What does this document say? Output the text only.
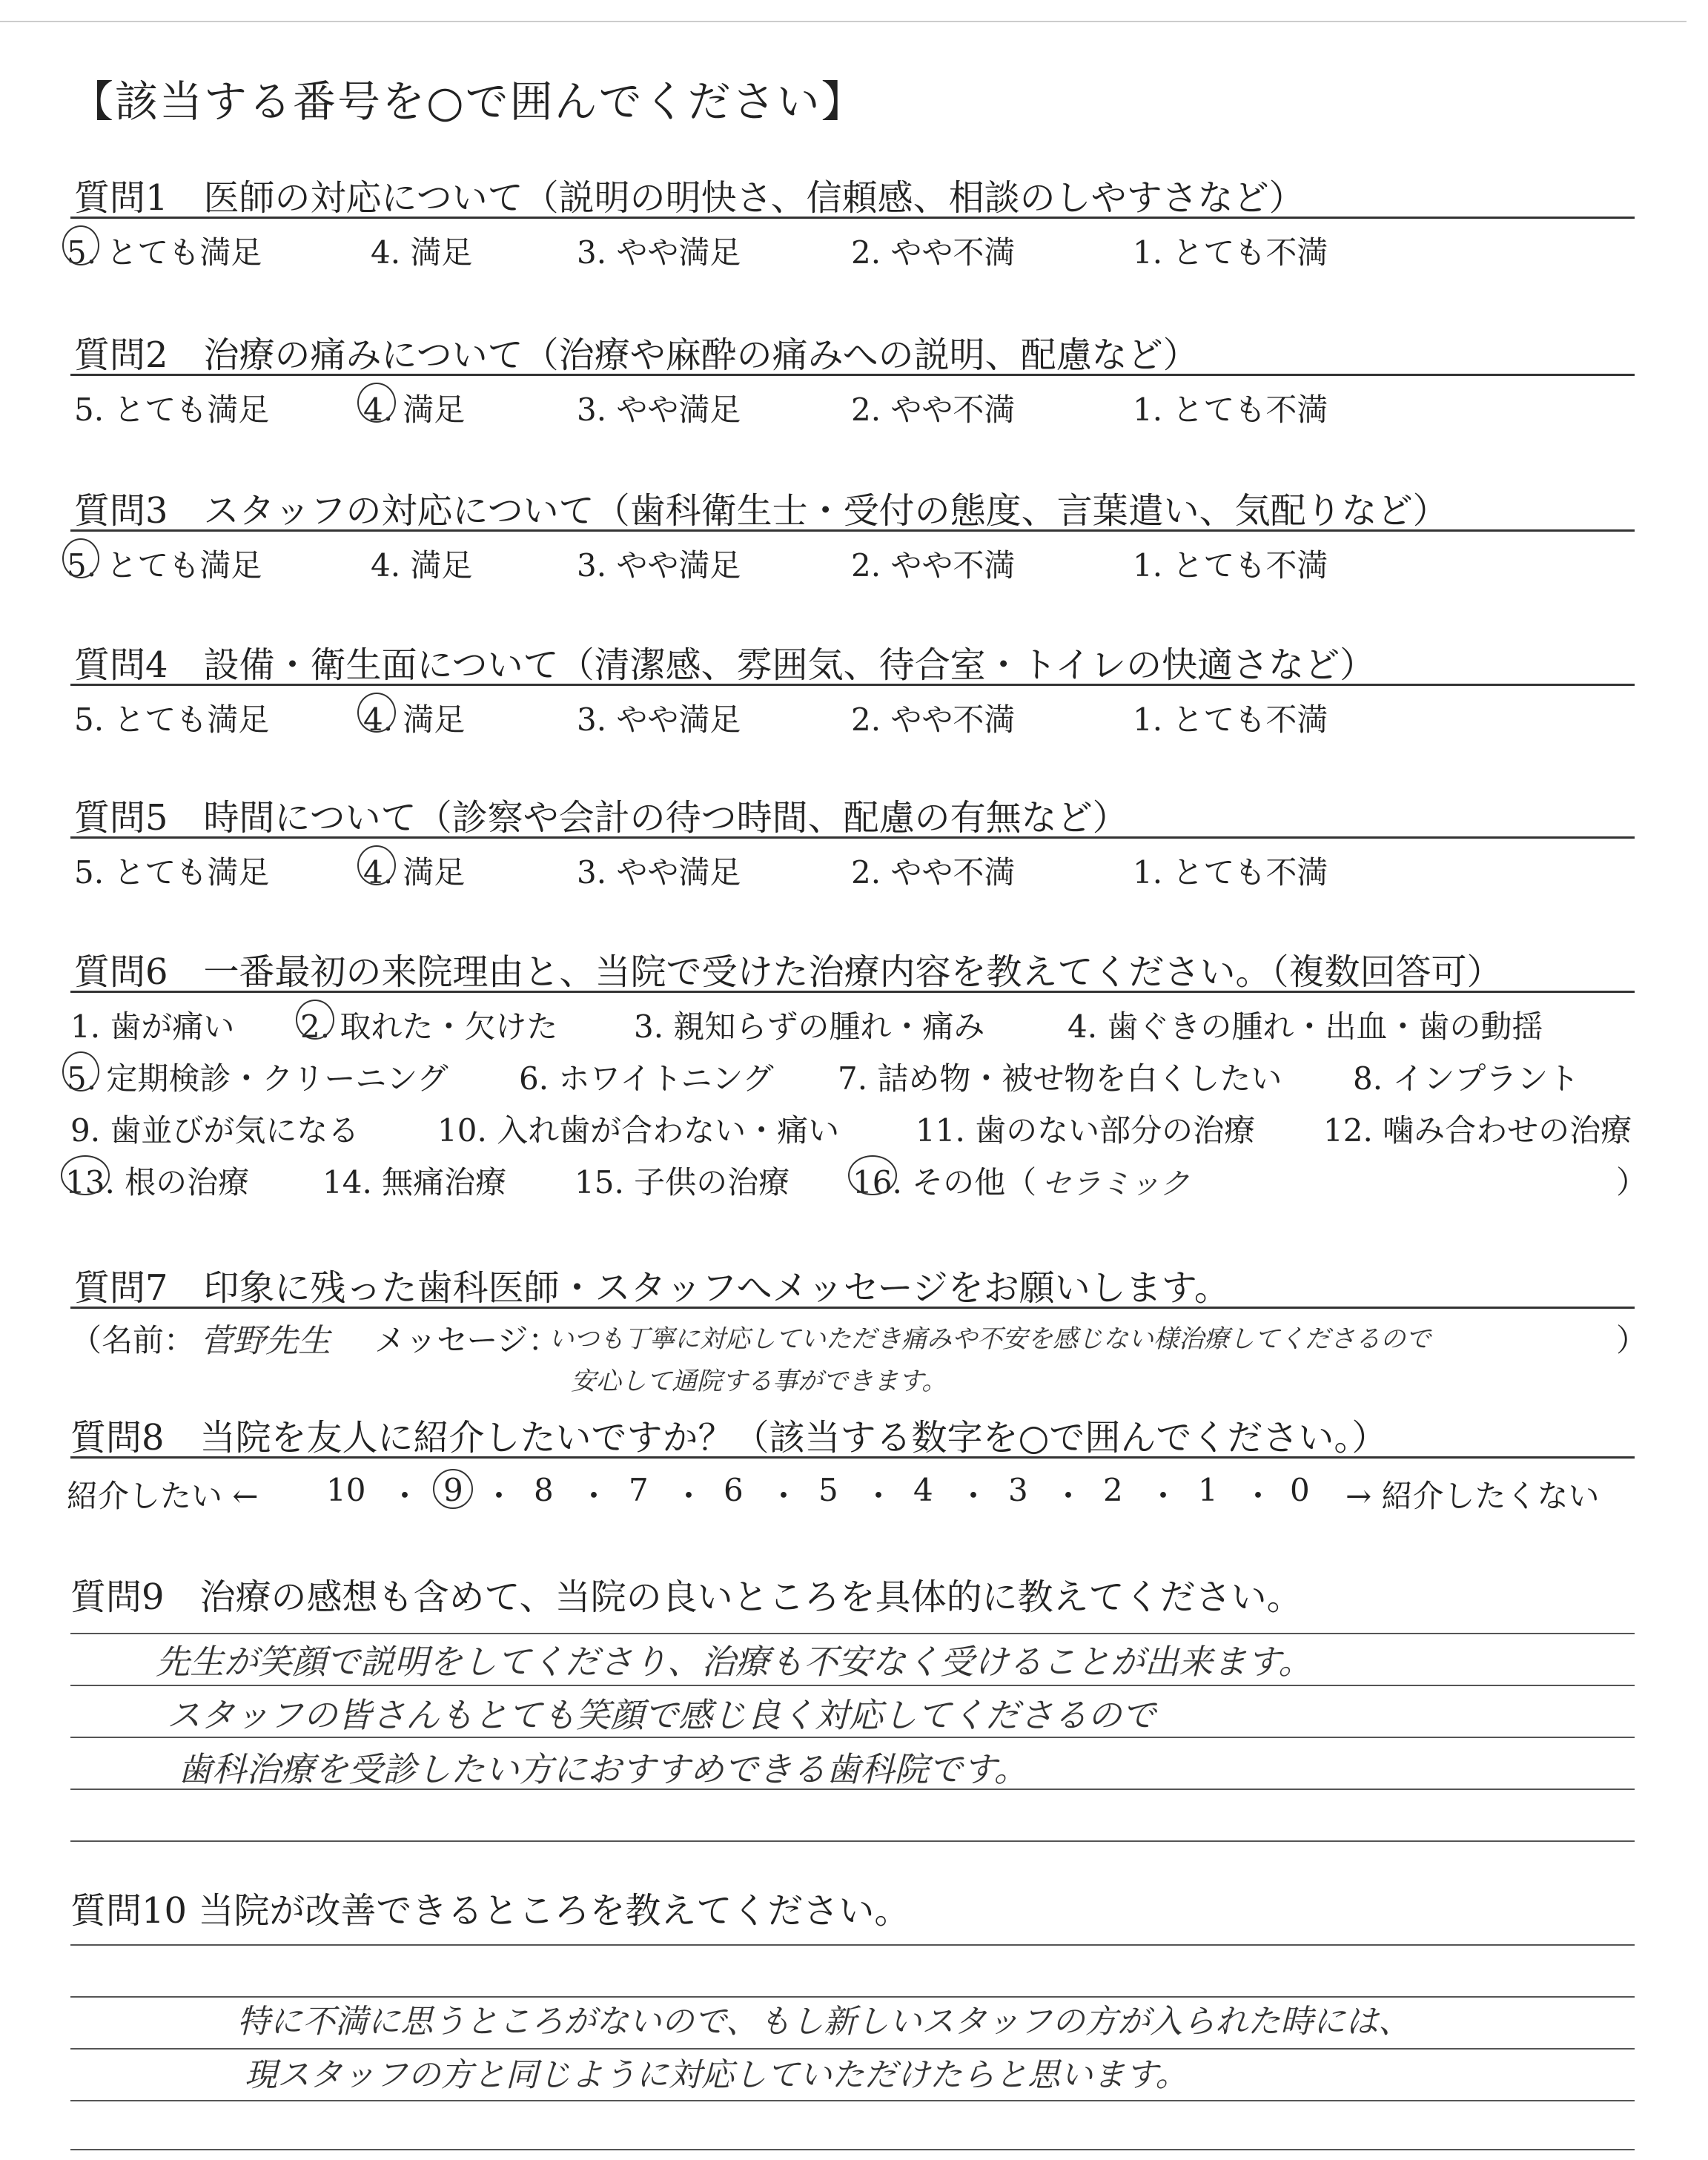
【該当する番号を○で囲んでください】
質問1　医師の対応について（説明の明快さ、信頼感、相談のしやすさなど）
5. とても満足	4. 満足	3. やや満足	2. やや不満	1. とても不満
質問2　治療の痛みについて（治療や麻酔の痛みへの説明、配慮など）
5. とても満足	4. 満足	3. やや満足	2. やや不満	1. とても不満
質問3　スタッフの対応について（歯科衛生士・受付の態度、言葉遣い、気配りなど）
5. とても満足	4. 満足	3. やや満足	2. やや不満	1. とても不満
質問4　設備・衛生面について（清潔感、雰囲気、待合室・トイレの快適さなど）
5. とても満足	4. 満足	3. やや満足	2. やや不満	1. とても不満
質問5　時間について（診察や会計の待つ時間、配慮の有無など）
5. とても満足	4. 満足	3. やや満足	2. やや不満	1. とても不満
質問6　一番最初の来院理由と、当院で受けた治療内容を教えてください。（複数回答可）
1. 歯が痛い 2. 取れた・欠けた 3. 親知らずの腫れ・痛み	4. 歯ぐきの腫れ・出血・歯の動揺
5. 定期検診・クリーニング 6. ホワイトニング 7. 詰め物・被せ物を白くしたい 8. インプラント
9. 歯並びが気になる	10. 入れ歯が合わない・痛い 11. 歯のない部分の治療 12. 噛み合わせの治療
13. 根の治療 14. 無痛治療 15. 子供の治療 16. その他（ セラミック	）
質問7　印象に残った歯科医師・スタッフへメッセージをお願いします。
（名前： 菅野先生 メッセージ：
いつも丁寧に対応していただき痛みや不安を感じない様治療してくださるので	）
安心して通院する事ができます。
質問8　当院を友人に紹介したいですか？（該当する数字を○で囲んでください。）
紹介したい ← 10 ・ 9 ・ 8 ・ 7 ・ 6 ・ 5 ・ 4 ・ 3 ・ 2 ・ 1 ・ 0 → 紹介したくない
質問9　治療の感想も含めて、当院の良いところを具体的に教えてください。
先生が笑顔で説明をしてくださり、治療も不安なく受けることが出来ます。
スタッフの皆さんもとても笑顔で感じ良く対応してくださるので
歯科治療を受診したい方におすすめできる歯科院です。
質問10 当院が改善できるところを教えてください。
特に不満に思うところがないので、もし新しいスタッフの方が入られた時には、
現スタッフの方と同じように対応していただけたらと思います。
